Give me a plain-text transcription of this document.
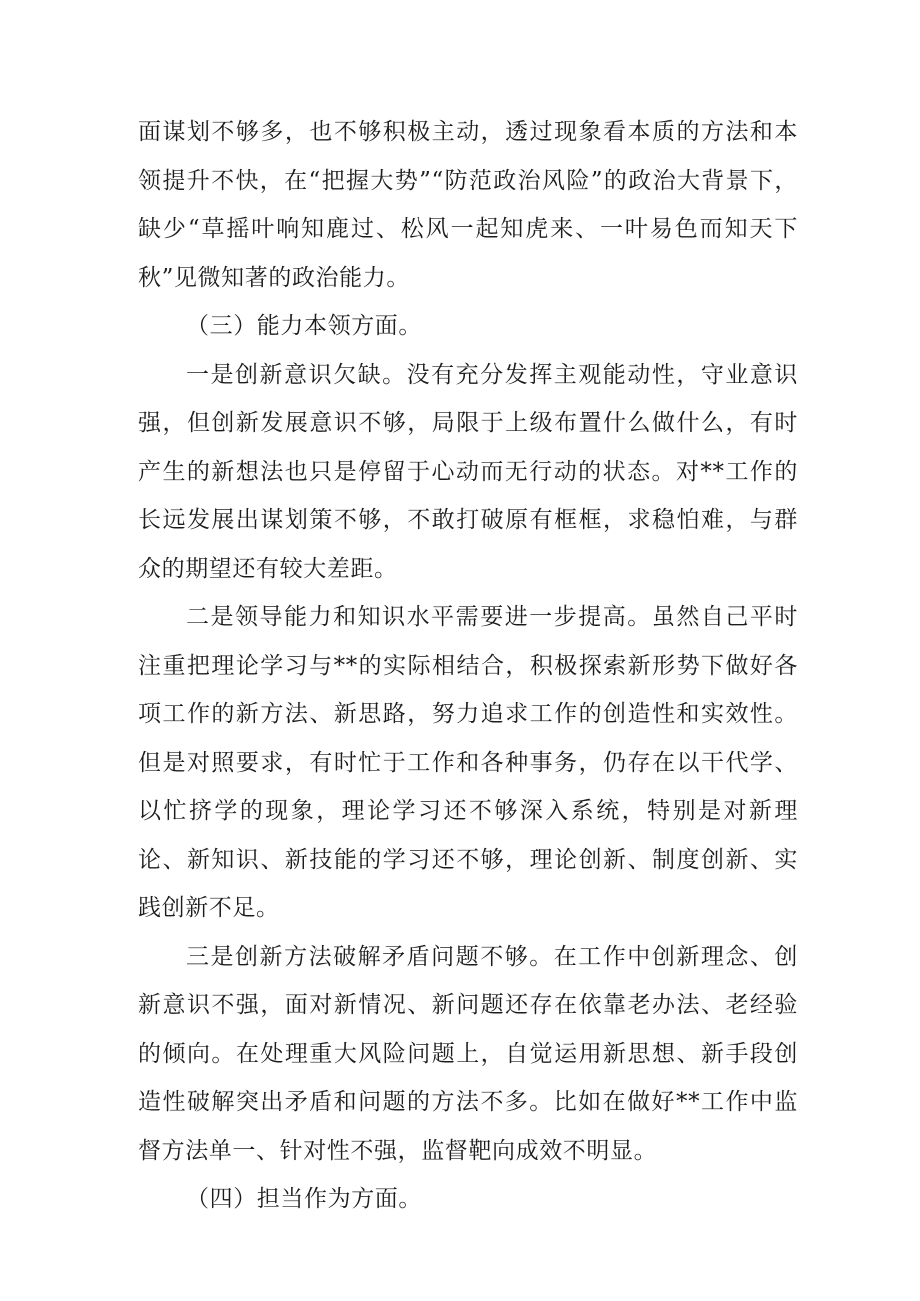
面谋划不够多，也不够积极主动，透过现象看本质的方法和本领提升不快，在“把握大势”“防范政治风险”的政治大背景下，缺少“草摇叶响知鹿过、松风一起知虎来、一叶易色而知天下秋”见微知著的政治能力。

（三）能力本领方面。

一是创新意识欠缺。没有充分发挥主观能动性，守业意识强，但创新发展意识不够，局限于上级布置什么做什么，有时产生的新想法也只是停留于心动而无行动的状态。对**工作的长远发展出谋划策不够，不敢打破原有框框，求稳怕难，与群众的期望还有较大差距。

二是领导能力和知识水平需要进一步提高。虽然自己平时注重把理论学习与**的实际相结合，积极探索新形势下做好各项工作的新方法、新思路，努力追求工作的创造性和实效性。但是对照要求，有时忙于工作和各种事务，仍存在以干代学、以忙挤学的现象，理论学习还不够深入系统，特别是对新理论、新知识、新技能的学习还不够，理论创新、制度创新、实践创新不足。

三是创新方法破解矛盾问题不够。在工作中创新理念、创新意识不强，面对新情况、新问题还存在依靠老办法、老经验的倾向。在处理重大风险问题上，自觉运用新思想、新手段创造性破解突出矛盾和问题的方法不多。比如在做好**工作中监督方法单一、针对性不强，监督靶向成效不明显。

（四）担当作为方面。
